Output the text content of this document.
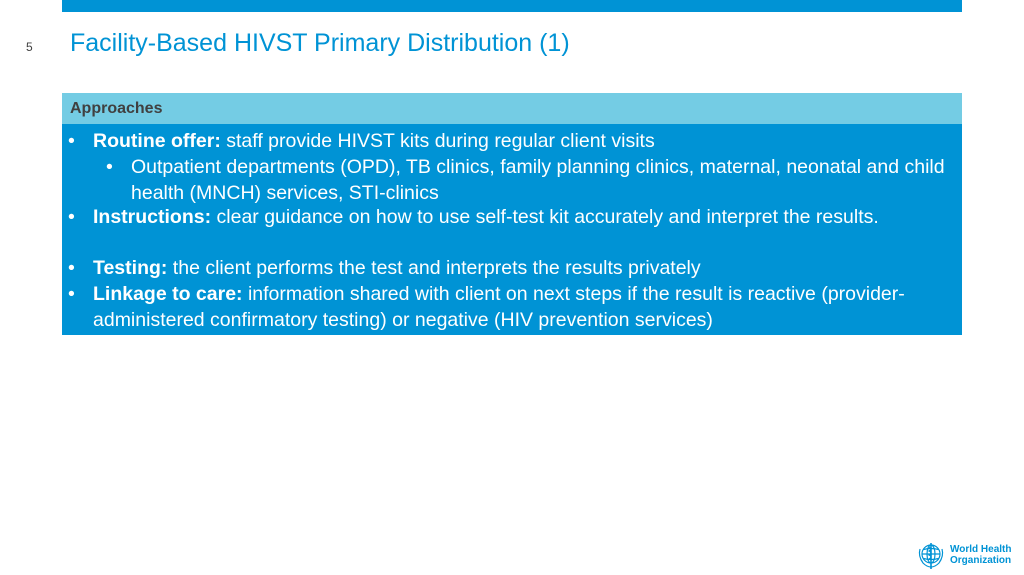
5 Facility-Based HIVST Primary Distribution (1)
Approaches
• Routine offer: staff provide HIVST kits during regular client visits
• Outpatient departments (OPD), TB clinics, family planning clinics, maternal, neonatal and child health (MNCH) services, STI-clinics
• Instructions: clear guidance on how to use self-test kit accurately and interpret the results.
• Testing: the client performs the test and interprets the results privately
• Linkage to care: information shared with client on next steps if the result is reactive (provider-administered confirmatory testing) or negative (HIV prevention services)
World Health
Organization
